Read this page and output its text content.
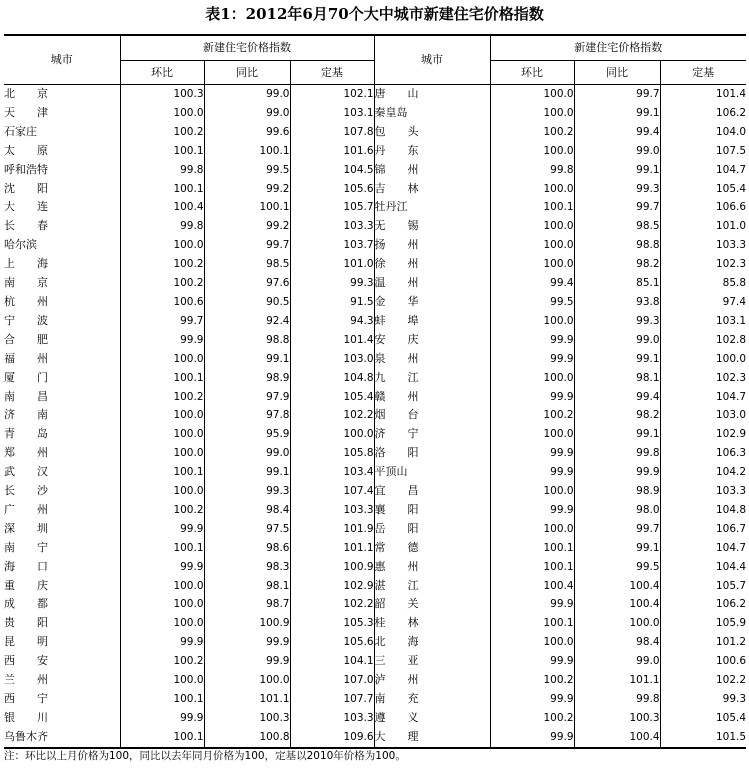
表1：2012年6月70个大中城市新建住宅价格指数
城市	新建住宅价格指数			城市	新建住宅价格指数		
	环比	同比	定基		环比	同比	定基
北　　京	100.3	99.0	102.1	唐　　山	100.0	99.7	101.4
天　　津	100.0	99.0	103.1	秦皇岛	100.0	99.1	106.2
石家庄	100.2	99.6	107.8	包　　头	100.2	99.4	104.0
太　　原	100.1	100.1	101.6	丹　　东	100.0	99.0	107.5
呼和浩特	99.8	99.5	104.5	锦　　州	99.8	99.1	104.7
沈　　阳	100.1	99.2	105.6	吉　　林	100.0	99.3	105.4
大　　连	100.4	100.1	105.7	牡丹江	100.1	99.7	106.6
长　　春	99.8	99.2	103.3	无　　锡	100.0	98.5	101.0
哈尔滨	100.0	99.7	103.7	扬　　州	100.0	98.8	103.3
上　　海	100.2	98.5	101.0	徐　　州	100.0	98.2	102.3
南　　京	100.2	97.6	99.3	温　　州	99.4	85.1	85.8
杭　　州	100.6	90.5	91.5	金　　华	99.5	93.8	97.4
宁　　波	99.7	92.4	94.3	蚌　　埠	100.0	99.3	103.1
合　　肥	99.9	98.8	101.4	安　　庆	99.9	99.0	102.8
福　　州	100.0	99.1	103.0	泉　　州	99.9	99.1	100.0
厦　　门	100.1	98.9	104.8	九　　江	100.0	98.1	102.3
南　　昌	100.2	97.9	105.4	赣　　州	99.9	99.4	104.7
济　　南	100.0	97.8	102.2	烟　　台	100.2	98.2	103.0
青　　岛	100.0	95.9	100.0	济　　宁	100.0	99.1	102.9
郑　　州	100.0	99.0	105.8	洛　　阳	99.9	99.8	106.3
武　　汉	100.1	99.1	103.4	平顶山	99.9	99.9	104.2
长　　沙	100.0	99.3	107.4	宜　　昌	100.0	98.9	103.3
广　　州	100.2	98.4	103.3	襄　　阳	99.9	98.0	104.8
深　　圳	99.9	97.5	101.9	岳　　阳	100.0	99.7	106.7
南　　宁	100.1	98.6	101.1	常　　德	100.1	99.1	104.7
海　　口	99.9	98.3	100.9	惠　　州	100.1	99.5	104.4
重　　庆	100.0	98.1	102.9	湛　　江	100.4	100.4	105.7
成　　都	100.0	98.7	102.2	韶　　关	99.9	100.4	106.2
贵　　阳	100.0	100.9	105.3	桂　　林	100.1	100.0	105.9
昆　　明	99.9	99.9	105.6	北　　海	100.0	98.4	101.2
西　　安	100.2	99.9	104.1	三　　亚	99.9	99.0	100.6
兰　　州	100.0	100.0	107.0	泸　　州	100.2	101.1	102.2
西　　宁	100.1	101.1	107.7	南　　充	99.9	99.8	99.3
银　　川	99.9	100.3	103.3	遵　　义	100.2	100.3	105.4
乌鲁木齐	100.1	100.8	109.6	大　　理	99.9	100.4	101.5
注：环比以上月价格为100，同比以去年同月价格为100，定基以2010年价格为100。
